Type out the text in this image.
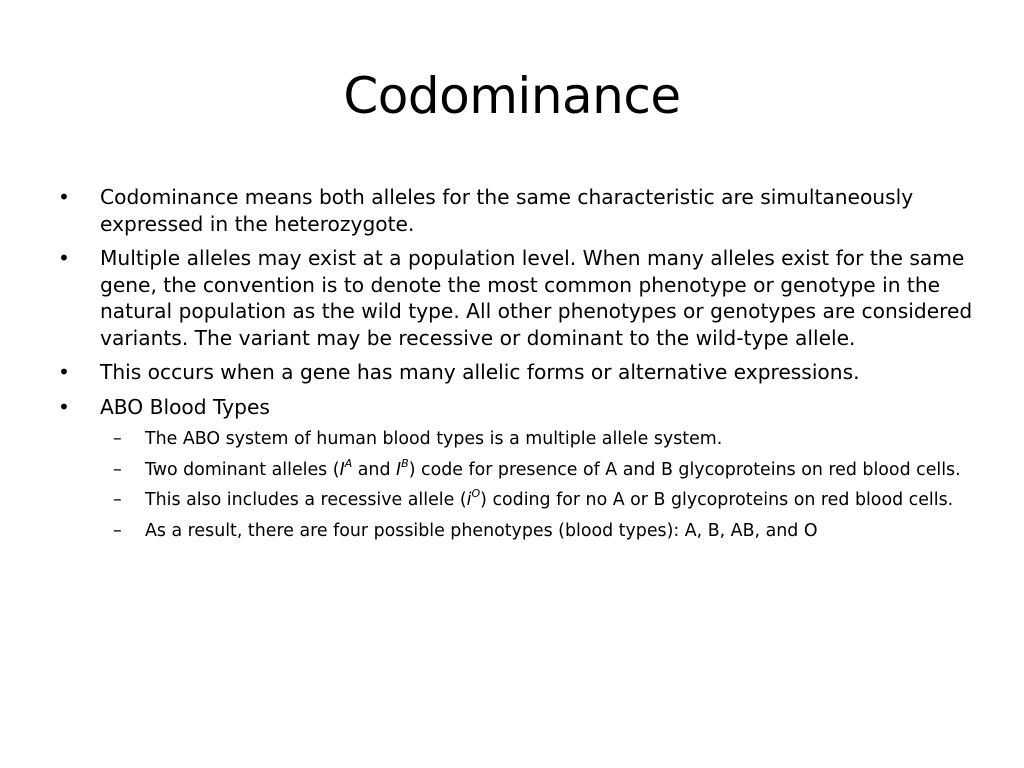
Codominance
• Codominance means both alleles for the same characteristic are simultaneously expressed in the heterozygote.
• Multiple alleles may exist at a population level. When many alleles exist for the same gene, the convention is to denote the most common phenotype or genotype in the natural population as the wild type. All other phenotypes or genotypes are considered variants. The variant may be recessive or dominant to the wild-type allele.
• This occurs when a gene has many allelic forms or alternative expressions.
• ABO Blood Types
– The ABO system of human blood types is a multiple allele system.
– Two dominant alleles ($I^A$ and $I^B$) code for presence of A and B glycoproteins on red blood cells.
– This also includes a recessive allele $(i^O)$ coding for no A or B glycoproteins on red blood cells.
– As a result, there are four possible phenotypes (blood types): A, B, AB, and O
